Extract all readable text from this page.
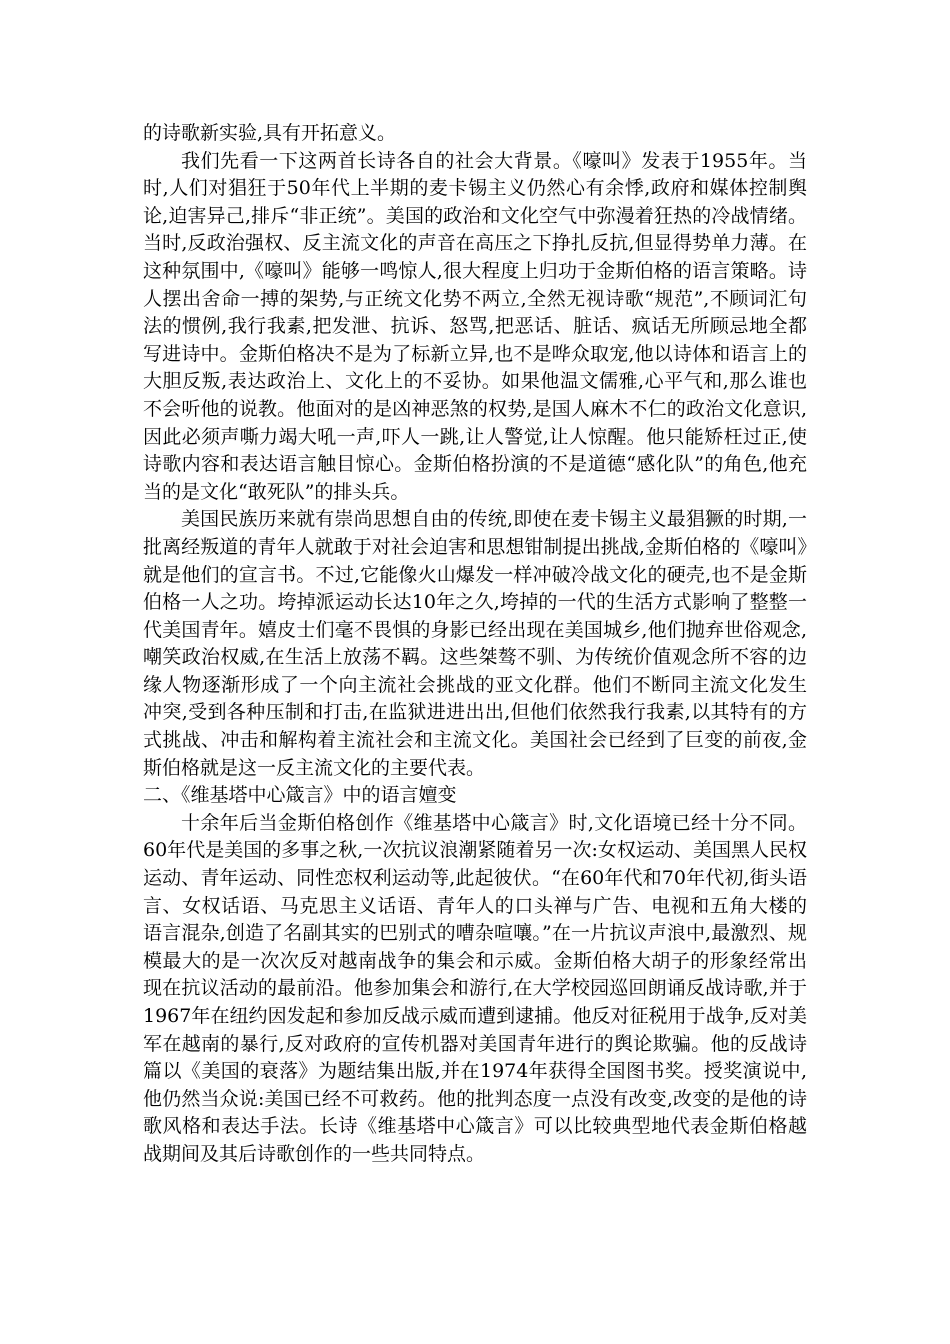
的诗歌新实验,具有开拓意义。

我们先看一下这两首长诗各自的社会大背景。《嚎叫》发表于1955年。当时,人们对猖狂于50年代上半期的麦卡锡主义仍然心有余悸,政府和媒体控制舆论,迫害异己,排斥“非正统”。美国的政治和文化空气中弥漫着狂热的冷战情绪。当时,反政治强权、反主流文化的声音在高压之下挣扎反抗,但显得势单力薄。在这种氛围中,《嚎叫》能够一鸣惊人,很大程度上归功于金斯伯格的语言策略。诗人摆出舍命一搏的架势,与正统文化势不两立,全然无视诗歌“规范”,不顾词汇句法的惯例,我行我素,把发泄、抗诉、怒骂,把恶话、脏话、疯话无所顾忌地全都写进诗中。金斯伯格决不是为了标新立异,也不是哗众取宠,他以诗体和语言上的大胆反叛,表达政治上、文化上的不妥协。如果他温文儒雅,心平气和,那么谁也不会听他的说教。他面对的是凶神恶煞的权势,是国人麻木不仁的政治文化意识,因此必须声嘶力竭大吼一声,吓人一跳,让人警觉,让人惊醒。他只能矫枉过正,使诗歌内容和表达语言触目惊心。金斯伯格扮演的不是道德“感化队”的角色,他充当的是文化“敢死队”的排头兵。

美国民族历来就有崇尚思想自由的传统,即使在麦卡锡主义最猖獗的时期,一批离经叛道的青年人就敢于对社会迫害和思想钳制提出挑战,金斯伯格的《嚎叫》就是他们的宣言书。不过,它能像火山爆发一样冲破冷战文化的硬壳,也不是金斯伯格一人之功。垮掉派运动长达10年之久,垮掉的一代的生活方式影响了整整一代美国青年。嬉皮士们毫不畏惧的身影已经出现在美国城乡,他们抛弃世俗观念,嘲笑政治权威,在生活上放荡不羁。这些桀骜不驯、为传统价值观念所不容的边缘人物逐渐形成了一个向主流社会挑战的亚文化群。他们不断同主流文化发生冲突,受到各种压制和打击,在监狱进进出出,但他们依然我行我素,以其特有的方式挑战、冲击和解构着主流社会和主流文化。美国社会已经到了巨变的前夜,金斯伯格就是这一反主流文化的主要代表。

二、《维基塔中心箴言》中的语言嬗变

十余年后当金斯伯格创作《维基塔中心箴言》时,文化语境已经十分不同。60年代是美国的多事之秋,一次抗议浪潮紧随着另一次:女权运动、美国黑人民权运动、青年运动、同性恋权利运动等,此起彼伏。“在60年代和70年代初,街头语言、女权话语、马克思主义话语、青年人的口头禅与广告、电视和五角大楼的语言混杂,创造了名副其实的巴别式的嘈杂喧嚷。”在一片抗议声浪中,最激烈、规模最大的是一次次反对越南战争的集会和示威。金斯伯格大胡子的形象经常出现在抗议活动的最前沿。他参加集会和游行,在大学校园巡回朗诵反战诗歌,并于1967年在纽约因发起和参加反战示威而遭到逮捕。他反对征税用于战争,反对美军在越南的暴行,反对政府的宣传机器对美国青年进行的舆论欺骗。他的反战诗篇以《美国的衰落》为题结集出版,并在1974年获得全国图书奖。授奖演说中,他仍然当众说:美国已经不可救药。他的批判态度一点没有改变,改变的是他的诗歌风格和表达手法。长诗《维基塔中心箴言》可以比较典型地代表金斯伯格越战期间及其后诗歌创作的一些共同特点。
